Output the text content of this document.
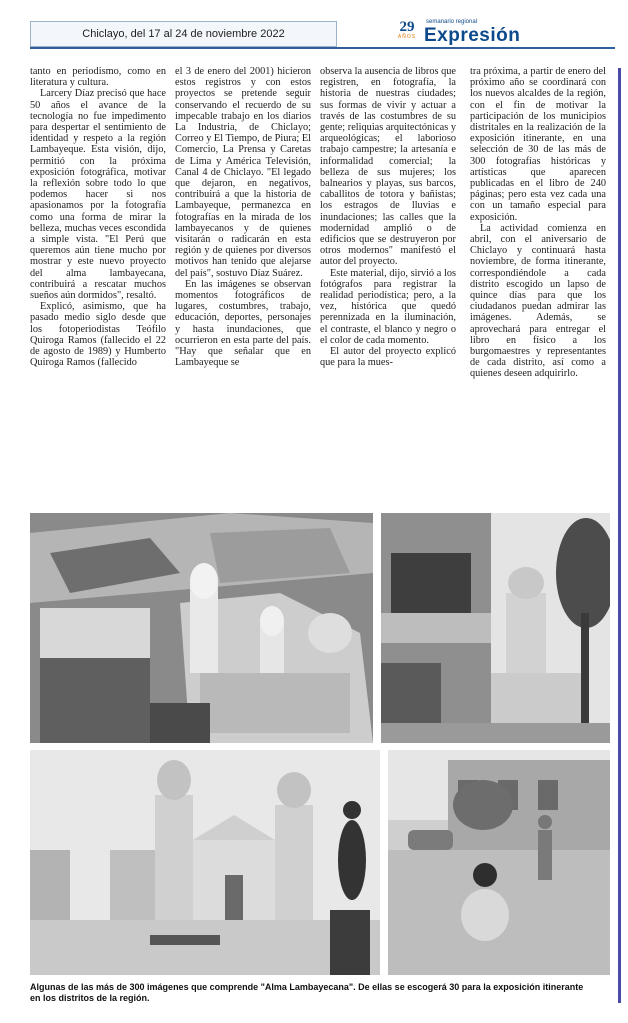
Chiclayo, del 17 al 24 de noviembre 2022	29
AÑOS
semanario regional
Expresión

tanto en periodismo, como en literatura y cultura.

Larcery Díaz precisó que hace 50 años el avance de la tecnología no fue impedimento para despertar el sentimiento de identidad y respeto a la región Lambayeque. Esta visión, dijo, permitió con la próxima exposición fotográfica, motivar la reflexión sobre todo lo que podemos hacer si nos apasionamos por la fotografía como una forma de mirar la belleza, muchas veces escondida a simple vista. "El Perú que queremos aún tiene mucho por mostrar y este nuevo proyecto del alma lambayecana, contribuirá a rescatar muchos sueños aún dormidos", resaltó.

Explicó, asimismo, que ha pasado medio siglo desde que los fotoperiodistas Teófilo Quiroga Ramos (fallecido el 22 de agosto de 1989) y Humberto Quiroga Ramos (fallecido

el 3 de enero del 2001) hicieron estos registros y con estos proyectos se pretende seguir conservando el recuerdo de su impecable trabajo en los diarios La Industria, de Chiclayo; Correo y El Tiempo, de Piura; El Comercio, La Prensa y Caretas de Lima y América Televisión, Canal 4 de Chiclayo. "El legado que dejaron, en negativos, contribuirá a que la historia de Lambayeque, permanezca en fotografías en la mirada de los lambayecanos y de quienes visitarán o radicarán en esta región y de quienes por diversos motivos han tenido que alejarse del país", sostuvo Díaz Suárez.

En las imágenes se observan momentos fotográficos de lugares, costumbres, trabajo, educación, deportes, personajes y hasta inundaciones, que ocurrieron en esta parte del país. "Hay que señalar que en Lambayeque se

observa la ausencia de libros que registren, en fotografía, la historia de nuestras ciudades; sus formas de vivir y actuar a través de las costumbres de su gente; reliquias arquitectónicas y arqueológicas; el laborioso trabajo campestre; la artesanía e informalidad comercial; la belleza de sus mujeres; los balnearios y playas, sus barcos, caballitos de totora y bañistas; los estragos de lluvias e inundaciones; las calles que la modernidad amplió o de edificios que se destruyeron por otros modernos" manifestó el autor del proyecto.

Este material, dijo, sirvió a los fotógrafos para registrar la realidad periodística; pero, a la vez, histórica que quedó perennizada en la iluminación, el contraste, el blanco y negro o el color de cada momento.

El autor del proyecto explicó que para la mues-

tra próxima, a partir de enero del próximo año se coordinará con los nuevos alcaldes de la región, con el fin de motivar la participación de los municipios distritales en la realización de la exposición itinerante, en una selección de 30 de las más de 300 fotografías históricas y artísticas que aparecen publicadas en el libro de 240 páginas; pero esta vez cada una con un tamaño especial para exposición.

La actividad comienza en abril, con el aniversario de Chiclayo y continuará hasta noviembre, de forma itinerante, correspondiéndole a cada distrito escogido un lapso de quince días para que los ciudadanos puedan admirar las imágenes. Además, se aprovechará para entregar el libro en físico a los burgomaestres y representantes de cada distrito, así como a quienes deseen adquirirlo.

Algunas de las más de 300 imágenes que comprende "Alma Lambayecana". De ellas se escogerá 30 para la exposición itinerante en los distritos de la región.
